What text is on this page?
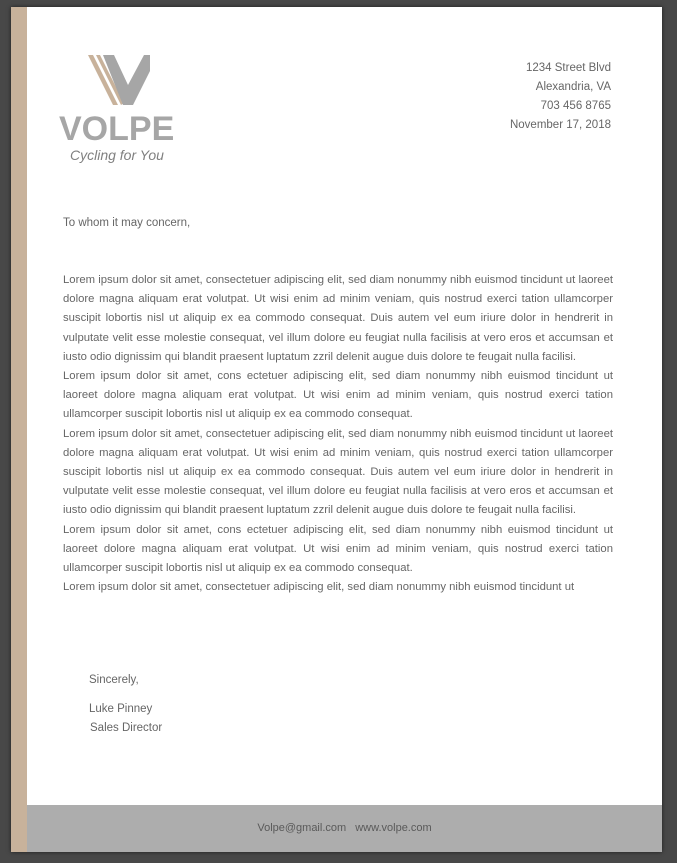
VOLPE
Cycling for You
1234 Street Blvd
Alexandria, VA
703 456 8765
November 17, 2018
To whom it may concern,

Lorem ipsum dolor sit amet, consectetuer adipiscing elit, sed diam nonummy nibh euismod tincidunt ut laoreet dolore magna aliquam erat volutpat. Ut wisi enim ad minim veniam, quis nostrud exerci tation ullamcorper suscipit lobortis nisl ut aliquip ex ea commodo consequat. Duis autem vel eum iriure dolor in hendrerit in vulputate velit esse molestie consequat, vel illum dolore eu feugiat nulla facilisis at vero eros et accumsan et iusto odio dignissim qui blandit praesent luptatum zzril delenit augue duis dolore te feugait nulla facilisi.

Lorem ipsum dolor sit amet, cons ectetuer adipiscing elit, sed diam nonummy nibh euismod tincidunt ut laoreet dolore magna aliquam erat volutpat. Ut wisi enim ad minim veniam, quis nostrud exerci tation ullamcorper suscipit lobortis nisl ut aliquip ex ea commodo consequat.

Lorem ipsum dolor sit amet, consectetuer adipiscing elit, sed diam nonummy nibh euismod tincidunt ut laoreet dolore magna aliquam erat volutpat. Ut wisi enim ad minim veniam, quis nostrud exerci tation ullamcorper suscipit lobortis nisl ut aliquip ex ea commodo consequat. Duis autem vel eum iriure dolor in hendrerit in vulputate velit esse molestie consequat, vel illum dolore eu feugiat nulla facilisis at vero eros et accumsan et iusto odio dignissim qui blandit praesent luptatum zzril delenit augue duis dolore te feugait nulla facilisi.

Lorem ipsum dolor sit amet, cons ectetuer adipiscing elit, sed diam nonummy nibh euismod tincidunt ut laoreet dolore magna aliquam erat volutpat. Ut wisi enim ad minim veniam, quis nostrud exerci tation ullamcorper suscipit lobortis nisl ut aliquip ex ea commodo consequat.

Lorem ipsum dolor sit amet, consectetuer adipiscing elit, sed diam nonummy nibh euismod tincidunt ut

Sincerely,
Luke Pinney
Sales Director
Volpe@gmail.com www.volpe.com
